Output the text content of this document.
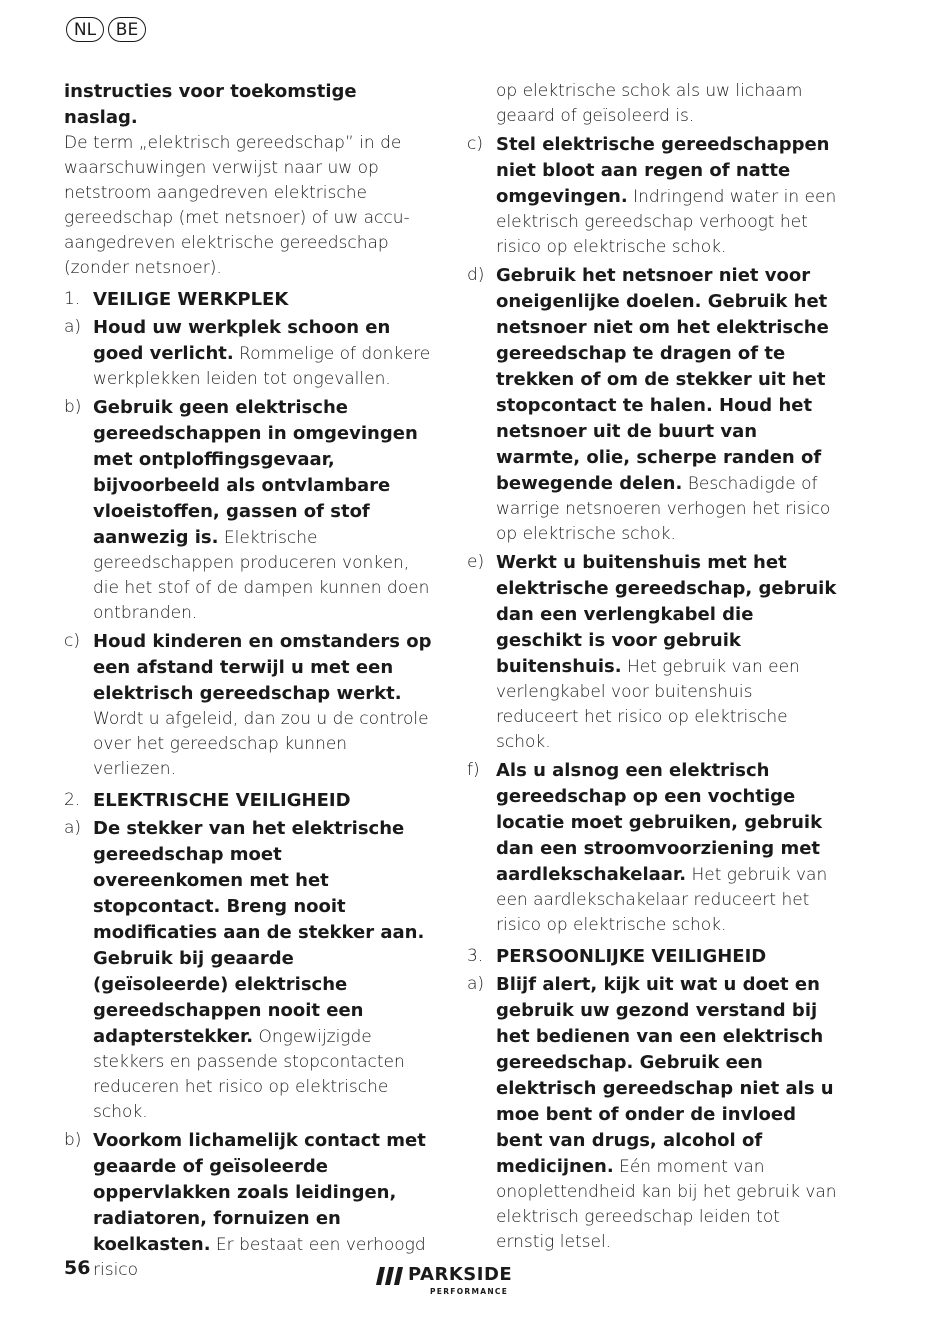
NL	BE

instructies voor toekomstige naslag.
De term „elektrisch gereedschap” in de waarschuwingen verwijst naar uw op netstroom aangedreven elektrische gereedschap (met netsnoer) of uw accu-aangedreven elektrische gereedschap (zonder netsnoer).

1. VEILIGE WERKPLEK
a) Houd uw werkplek schoon en goed verlicht. Rommelige of donkere werkplekken leiden tot ongevallen.
b) Gebruik geen elektrische gereedschappen in omgevingen met ontploffingsgevaar, bijvoorbeeld als ontvlambare vloeistoffen, gassen of stof aanwezig is. Elektrische gereedschappen produceren vonken, die het stof of de dampen kunnen doen ontbranden.
c) Houd kinderen en omstanders op een afstand terwijl u met een elektrisch gereedschap werkt. Wordt u afgeleid, dan zou u de controle over het gereedschap kunnen verliezen.
2. ELEKTRISCHE VEILIGHEID
a) De stekker van het elektrische gereedschap moet overeenkomen met het stopcontact. Breng nooit modificaties aan de stekker aan. Gebruik bij geaarde (geïsoleerde) elektrische gereedschappen nooit een adapterstekker. Ongewijzigde stekkers en passende stopcontacten reduceren het risico op elektrische schok.
b) Voorkom lichamelijk contact met geaarde of geïsoleerde oppervlakken zoals leidingen, radiatoren, fornuizen en koelkasten. Er bestaat een verhoogd risico
op elektrische schok als uw lichaam geaard of geïsoleerd is.
c) Stel elektrische gereedschappen niet bloot aan regen of natte omgevingen. Indringend water in een elektrisch gereedschap verhoogt het risico op elektrische schok.
d) Gebruik het netsnoer niet voor oneigenlijke doelen. Gebruik het netsnoer niet om het elektrische gereedschap te dragen of te trekken of om de stekker uit het stopcontact te halen. Houd het netsnoer uit de buurt van warmte, olie, scherpe randen of bewegende delen. Beschadigde of warrige netsnoeren verhogen het risico op elektrische schok.
e) Werkt u buitenshuis met het elektrische gereedschap, gebruik dan een verlengkabel die geschikt is voor gebruik buitenshuis. Het gebruik van een verlengkabel voor buitenshuis reduceert het risico op elektrische schok.
f) Als u alsnog een elektrisch gereedschap op een vochtige locatie moet gebruiken, gebruik dan een stroomvoorziening met aardlekschakelaar. Het gebruik van een aardlekschakelaar reduceert het risico op elektrische schok.
3. PERSOONLIJKE VEILIGHEID
a) Blijf alert, kijk uit wat u doet en gebruik uw gezond verstand bij het bedienen van een elektrisch gereedschap. Gebruik een elektrisch gereedschap niet als u moe bent of onder de invloed bent van drugs, alcohol of medicijnen. Eén moment van onoplettendheid kan bij het gebruik van elektrisch gereedschap leiden tot ernstig letsel.
56	PARKSIDE
PERFORMANCE
